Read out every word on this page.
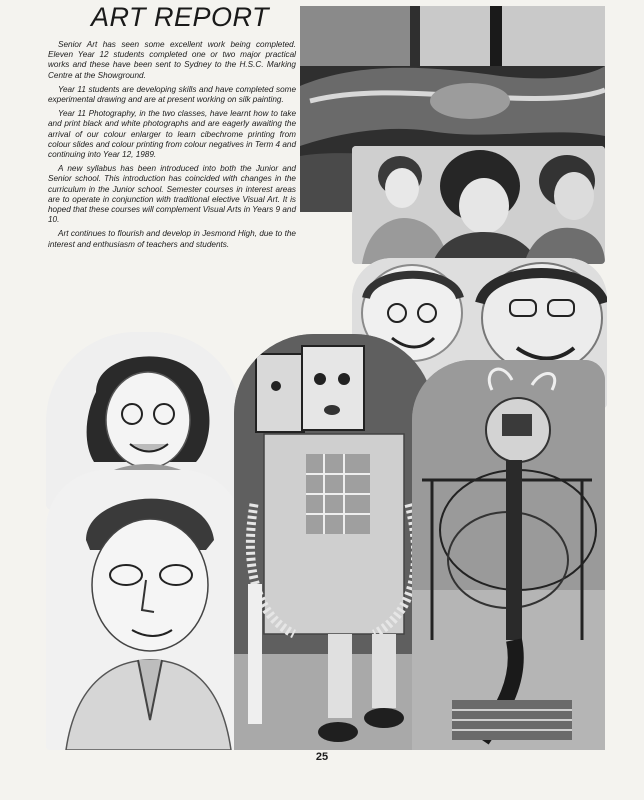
ART REPORT

Senior Art has seen some excellent work being completed. Eleven Year 12 students completed one or two major practical works and these have been sent to Sydney to the H.S.C. Marking Centre at the Showground.

Year 11 students are developing skills and have completed some experimental drawing and are at present working on silk painting.

Year 11 Photography, in the two classes, have learnt how to take and print black and white photographs and are eagerly awaiting the arrival of our colour enlarger to learn cibechrome printing from colour slides and colour printing from colour negatives in Term 4 and continuing into Year 12, 1989.

A new syllabus has been introduced into both the Junior and Senior school. This introduction has coincided with changes in the curriculum in the Junior school. Semester courses in interest areas are to operate in conjunction with traditional elective Visual Art. It is hoped that these courses will complement Visual Arts in Years 9 and 10.

Art continues to flourish and develop in Jesmond High, due to the interest and enthusiasm of teachers and students.

25
